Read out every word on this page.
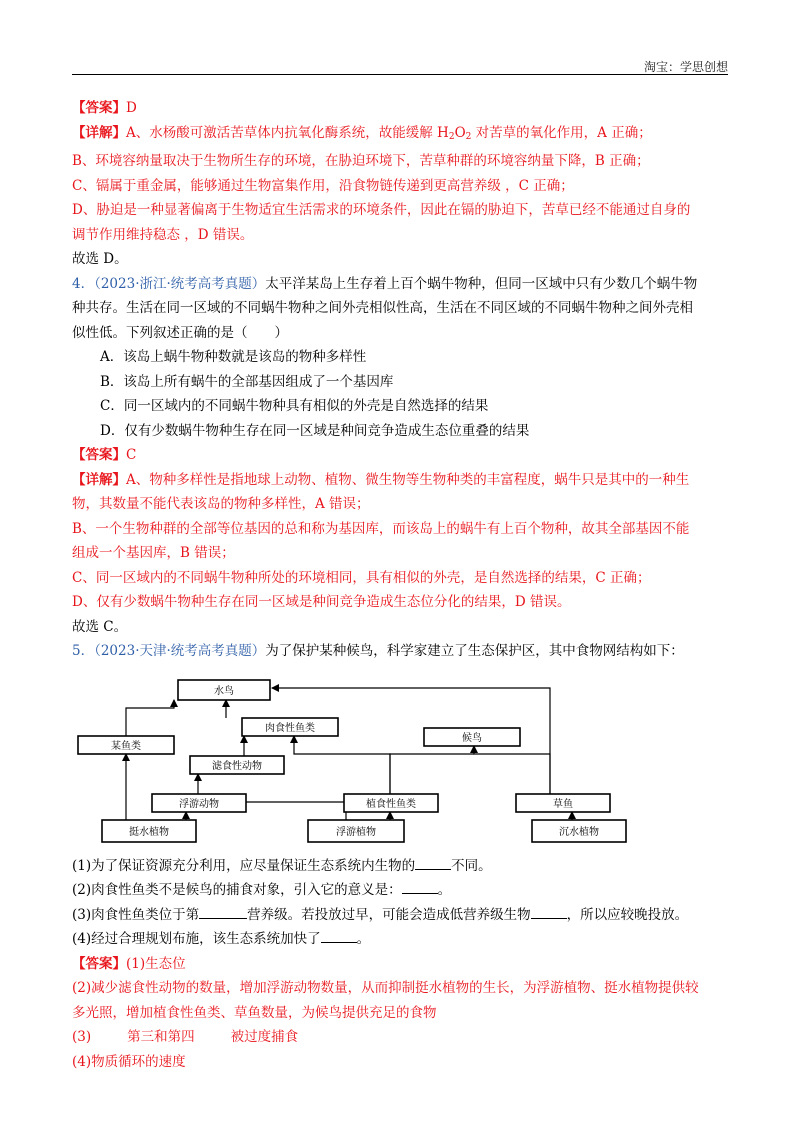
淘宝：学思创想
【答案】D
【详解】A、水杨酸可激活苦草体内抗氧化酶系统，故能缓解 $H_2O_2$ 对苦草的氧化作用，A 正确；
B、环境容纳量取决于生物所生存的环境，在胁迫环境下，苦草种群的环境容纳量下降，B 正确；
C、镉属于重金属，能够通过生物富集作用，沿食物链传递到更高营养级 ，C 正确；
D、胁迫是一种显著偏离于生物适宜生活需求的环境条件，因此在镉的胁迫下，苦草已经不能通过自身的
调节作用维持稳态 ，D 错误。
故选 D。
4．（2023·浙江·统考高考真题）太平洋某岛上生存着上百个蜗牛物种，但同一区域中只有少数几个蜗牛物
种共存。生活在同一区域的不同蜗牛物种之间外壳相似性高，生活在不同区域的不同蜗牛物种之间外壳相
似性低。下列叙述正确的是（　　）
A．该岛上蜗牛物种数就是该岛的物种多样性
B．该岛上所有蜗牛的全部基因组成了一个基因库
C．同一区域内的不同蜗牛物种具有相似的外壳是自然选择的结果
D．仅有少数蜗牛物种生存在同一区域是种间竞争造成生态位重叠的结果
【答案】C
【详解】A、物种多样性是指地球上动物、植物、微生物等生物种类的丰富程度，蜗牛只是其中的一种生
物，其数量不能代表该岛的物种多样性，A 错误；
B、一个生物种群的全部等位基因的总和称为基因库，而该岛上的蜗牛有上百个物种，故其全部基因不能
组成一个基因库，B 错误；
C、同一区域内的不同蜗牛物种所处的环境相同，具有相似的外壳，是自然选择的结果，C 正确；
D、仅有少数蜗牛物种生存在同一区域是种间竞争造成生态位分化的结果，D 错误。
故选 C。
5．（2023·天津·统考高考真题）为了保护某种候鸟，科学家建立了生态保护区，其中食物网结构如下：
水鸟
肉食性鱼类
某鱼类
候鸟
滤食性动物
浮游动物	植食性鱼类	草鱼
挺水植物	浮游植物	沉水植物
(1)为了保证资源充分利用，应尽量保证生态系统内生物的	不同。
(2)肉食性鱼类不是候鸟的捕食对象，引入它的意义是：	。
(3)肉食性鱼类位于第	营养级。若投放过早，可能会造成低营养级生物	，所以应较晚投放。
(4)经过合理规划布施，该生态系统加快了	。
【答案】(1)生态位
(2)减少滤食性动物的数量，增加浮游动物数量，从而抑制挺水植物的生长，为浮游植物、挺水植物提供较
多光照，增加植食性鱼类、草鱼数量，为候鸟提供充足的食物
(3)	第三和第四	被过度捕食
(4)物质循环的速度
